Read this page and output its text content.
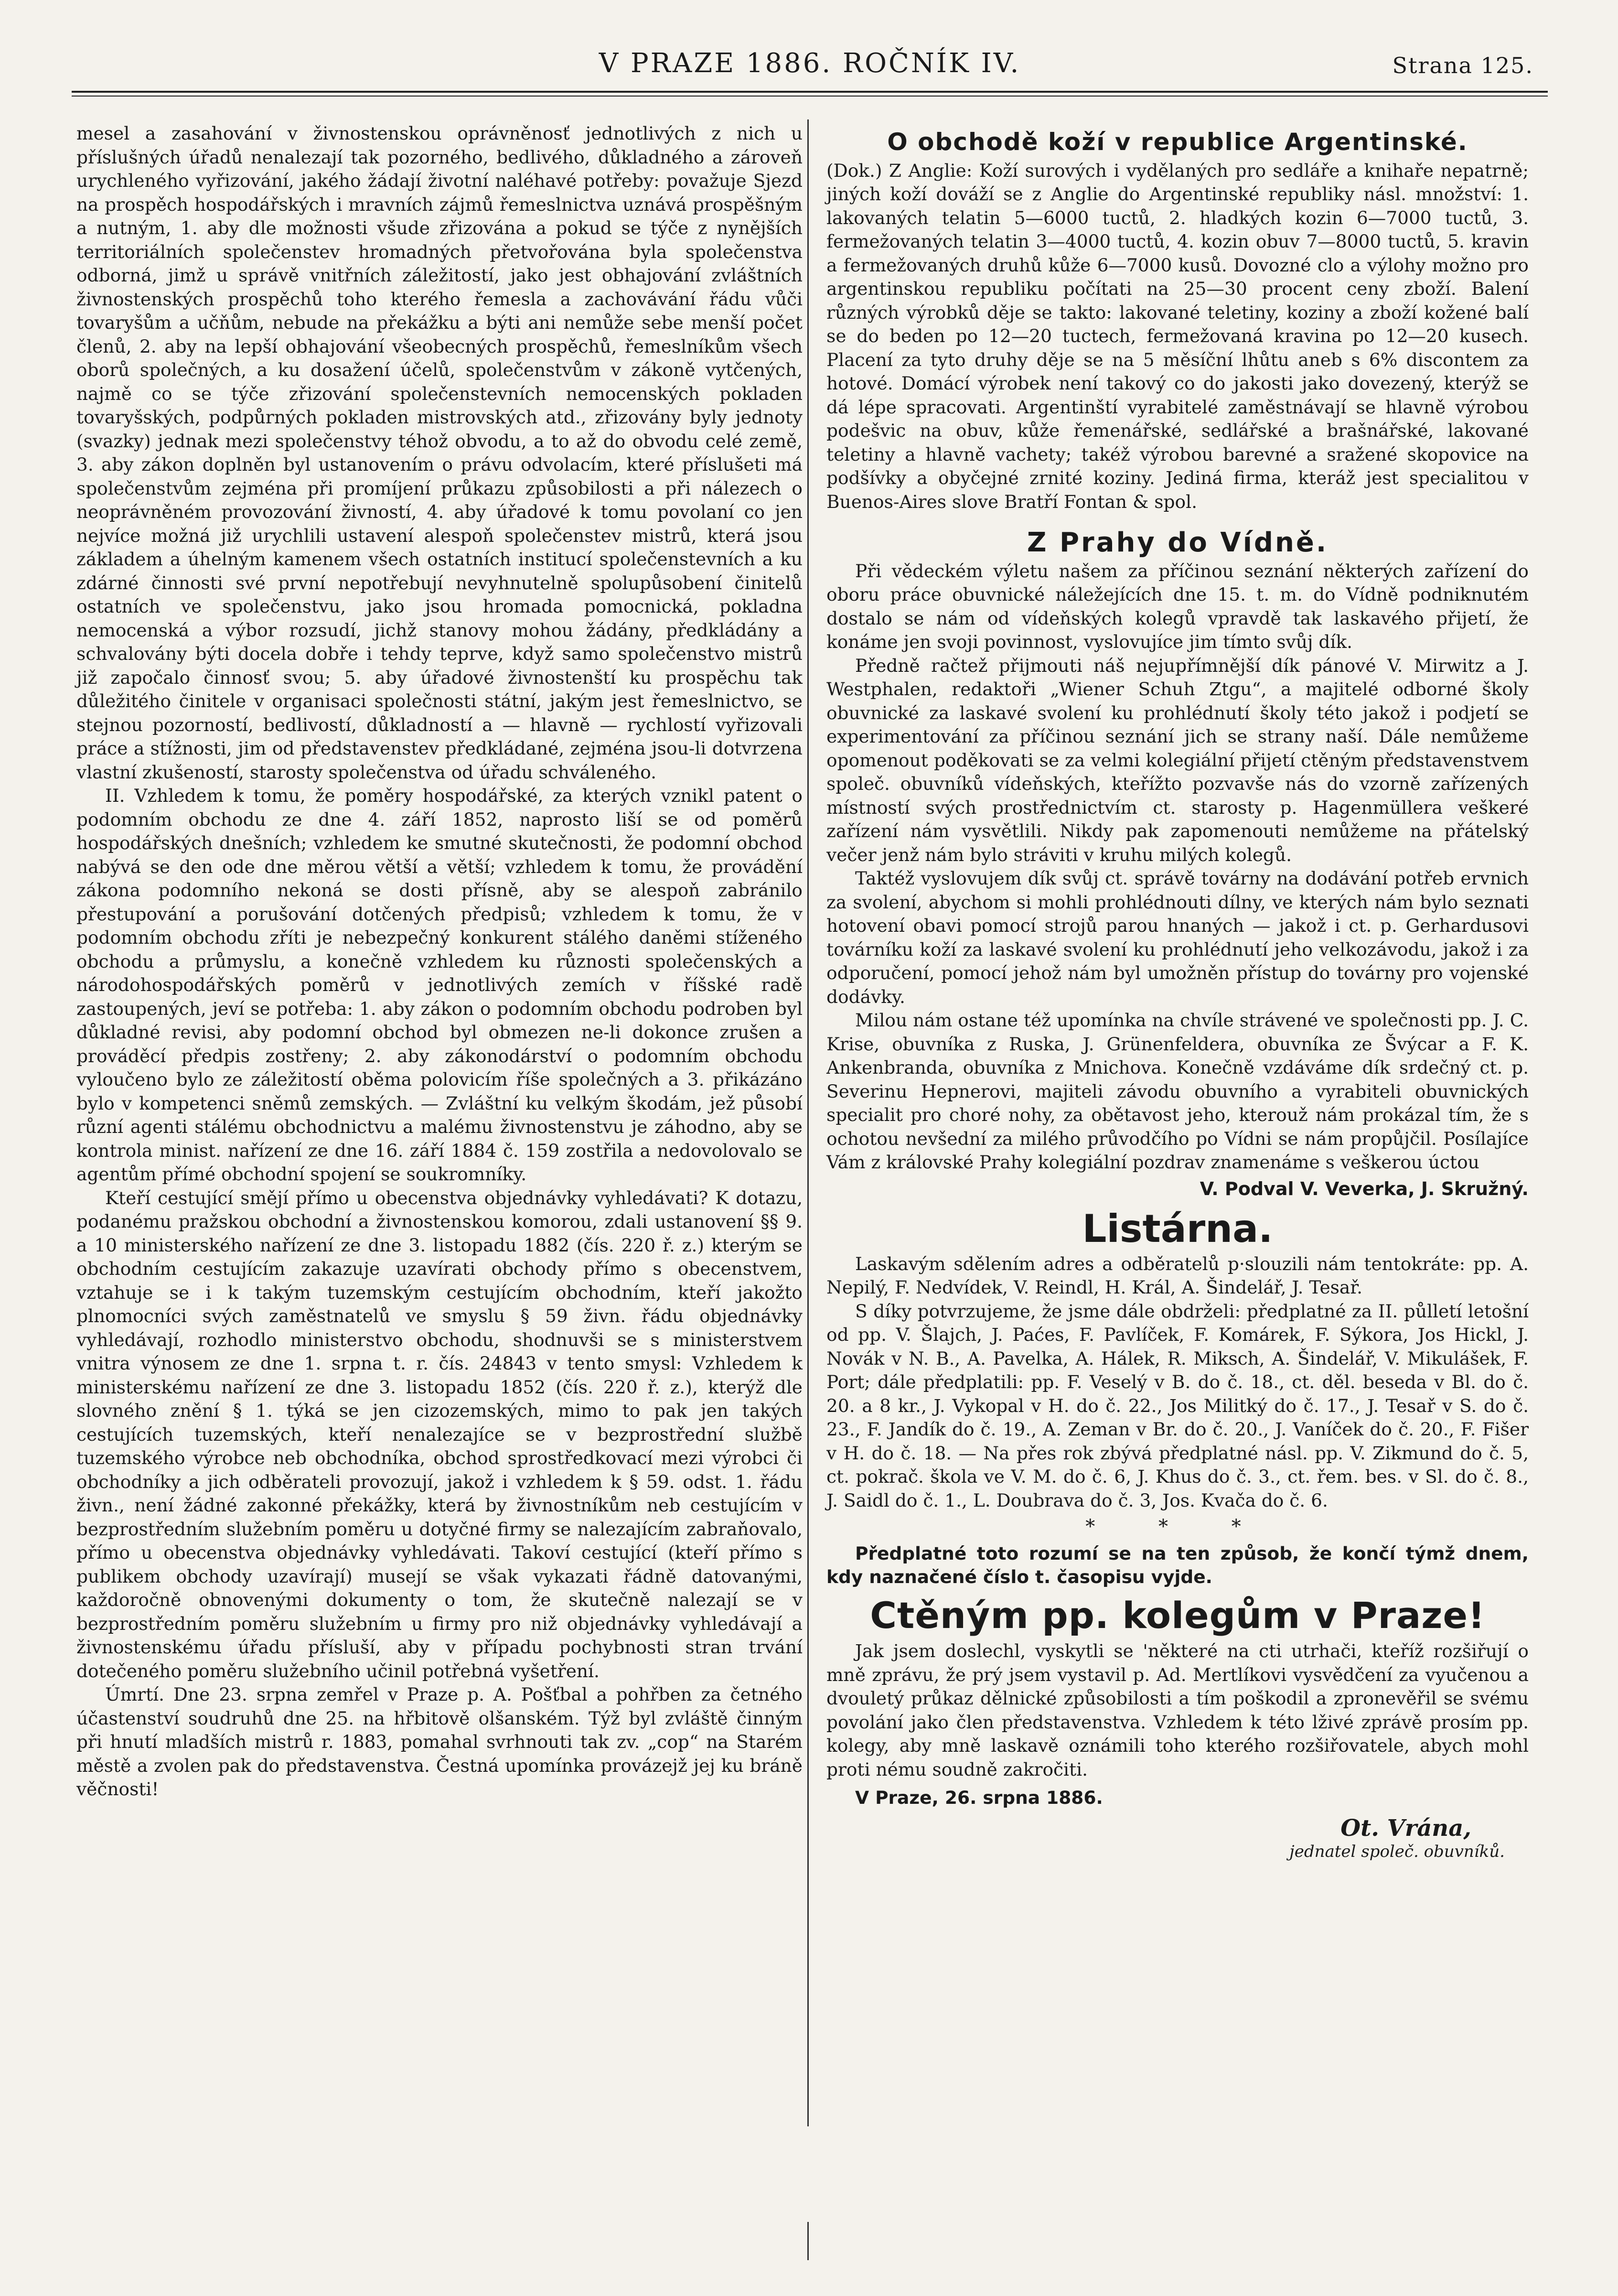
V PRAZE 1886. ROČNÍK IV.	Strana 125.

mesel a zasahování v živnostenskou oprávněnosť jednotlivých z nich u příslušných úřadů nenalezají tak pozorného, bedlivého, důkladného a zároveň urychleného vyřizování, jakého žádají životní naléhavé potřeby: považuje Sjezd na prospěch hospodářských i mravních zájmů řemeslnictva uznává prospěšným a nutným, 1. aby dle možnosti všude zřizována a pokud se týče z nynějších territoriálních společenstev hromadných přetvořována byla společenstva odborná, jimž u správě vnitřních záležitostí, jako jest obhajování zvláštních živnostenských prospěchů toho kterého řemesla a zachovávání řádu vůči tovaryšům a učňům, nebude na překážku a býti ani nemůže sebe menší počet členů, 2. aby na lepší obhajování všeobecných prospěchů, řemeslníkům všech oborů společných, a ku dosažení účelů, společenstvům v zákoně vytčených, najmě co se týče zřizování společenstevních nemocenských pokladen tovaryšských, podpůrných pokladen mistrovských atd., zřizovány byly jednoty (svazky) jednak mezi společenstvy téhož obvodu, a to až do obvodu celé země, 3. aby zákon doplněn byl ustanovením o právu odvolacím, které příslušeti má společenstvům zejména při promíjení průkazu způsobilosti a při nálezech o neoprávněném provozování živností, 4. aby úřadové k tomu povolaní co jen nejvíce možná již urychlili ustavení alespoň společenstev mistrů, která jsou základem a úhelným kamenem všech ostatních institucí společenstevních a ku zdárné činnosti své první nepotřebují nevyhnutelně spolupůsobení činitelů ostatních ve společenstvu, jako jsou hromada pomocnická, pokladna nemocenská a výbor rozsudí, jichž stanovy mohou žádány, předkládány a schvalovány býti docela dobře i tehdy teprve, když samo společenstvo mistrů již započalo činnosť svou; 5. aby úřadové živnostenští ku prospěchu tak důležitého činitele v organisaci společnosti státní, jakým jest řemeslnictvo, se stejnou pozorností, bedlivostí, důkladností a — hlavně — rychlostí vyřizovali práce a stížnosti, jim od představenstev předkládané, zejména jsou-li dotvrzena vlastní zkušeností, starosty společenstva od úřadu schváleného.

II. Vzhledem k tomu, že poměry hospodářské, za kterých vznikl patent o podomním obchodu ze dne 4. září 1852, naprosto liší se od poměrů hospodářských dnešních; vzhledem ke smutné skutečnosti, že podomní obchod nabývá se den ode dne měrou větší a větší; vzhledem k tomu, že provádění zákona podomního nekoná se dosti přísně, aby se alespoň zabránilo přestupování a porušování dotčených předpisů; vzhledem k tomu, že v podomním obchodu zříti je nebezpečný konkurent stálého daněmi stíženého obchodu a průmyslu, a konečně vzhledem ku různosti společenských a národohospodářských poměrů v jednotlivých zemích v říšské radě zastoupených, jeví se potřeba: 1. aby zákon o podomním obchodu podroben byl důkladné revisi, aby podomní obchod byl obmezen ne-li dokonce zrušen a prováděcí předpis zostřeny; 2. aby zákonodárství o podomním obchodu vyloučeno bylo ze záležitostí oběma polovicím říše společných a 3. přikázáno bylo v kompetenci sněmů zemských. — Zvláštní ku velkým škodám, jež působí různí agenti stálému obchodnictvu a malému živnostenstvu je záhodno, aby se kontrola minist. nařízení ze dne 16. září 1884 č. 159 zostřila a nedovolovalo se agentům přímé obchodní spojení se soukromníky.

Kteří cestující smějí přímo u obecenstva objednávky vyhledávati? K dotazu, podanému pražskou obchodní a živnostenskou komorou, zdali ustanovení §§ 9. a 10 ministerského nařízení ze dne 3. listopadu 1882 (čís. 220 ř. z.) kterým se obchodním cestujícím zakazuje uzavírati obchody přímo s obecenstvem, vztahuje se i k takým tuzemským cestujícím obchodním, kteří jakožto plnomocníci svých zaměstnatelů ve smyslu § 59 živn. řádu objednávky vyhledávají, rozhodlo ministerstvo obchodu, shodnuvši se s ministerstvem vnitra výnosem ze dne 1. srpna t. r. čís. 24843 v tento smysl: Vzhledem k ministerskému nařízení ze dne 3. listopadu 1852 (čís. 220 ř. z.), kterýž dle slovného znění § 1. týká se jen cizozemských, mimo to pak jen takých cestujících tuzemských, kteří nenalezajíce se v bezprostřední službě tuzemského výrobce neb obchodníka, obchod sprostředkovací mezi výrobci či obchodníky a jich odběrateli provozují, jakož i vzhledem k § 59. odst. 1. řádu živn., není žádné zakonné překážky, která by živnostníkům neb cestujícím v bezprostředním služebním poměru u dotyčné firmy se nalezajícím zabraňovalo, přímo u obecenstva objednávky vyhledávati. Takoví cestující (kteří přímo s publikem obchody uzavírají) musejí se však vykazati řádně datovanými, každoročně obnovenými dokumenty o tom, že skutečně nalezají se v bezprostředním poměru služebním u firmy pro niž objednávky vyhledávají a živnostenskému úřadu přísluší, aby v případu pochybnosti stran trvání dotečeného poměru služebního učinil potřebná vyšetření.

Úmrtí. Dne 23. srpna zemřel v Praze p. A. Pošťbal a pohřben za četného účastenství soudruhů dne 25. na hřbitově olšanském. Týž byl zvláště činným při hnutí mladších mistrů r. 1883, pomahal svrhnouti tak zv. „cop“ na Starém městě a zvolen pak do představenstva. Čestná upomínka provázejž jej ku bráně věčnosti!

O obchodě koží v republice Argentinské.

(Dok.) Z Anglie: Koží surových i vydělaných pro sedláře a knihaře nepatrně; jiných koží dováží se z Anglie do Argentinské republiky násl. množství: 1. lakovaných telatin 5—6000 tuctů, 2. hladkých kozin 6—7000 tuctů, 3. fermežovaných telatin 3—4000 tuctů, 4. kozin obuv 7—8000 tuctů, 5. kravin a fermežovaných druhů kůže 6—7000 kusů. Dovozné clo a výlohy možno pro argentinskou republiku počítati na 25—30 procent ceny zboží. Balení různých výrobků děje se takto: lakované teletiny, koziny a zboží kožené balí se do beden po 12—20 tuctech, fermežovaná kravina po 12—20 kusech. Placení za tyto druhy děje se na 5 měsíční lhůtu aneb s 6% discontem za hotové. Domácí výrobek není takový co do jakosti jako dovezený, kterýž se dá lépe spracovati. Argentinští vyrabitelé zaměstnávají se hlavně výrobou podešvic na obuv, kůže řemenářské, sedlářské a brašnářské, lakované teletiny a hlavně vachety; takéž výrobou barevné a sražené skopovice na podšívky a obyčejné zrnité koziny. Jediná firma, kteráž jest specialitou v Buenos-Aires slove Bratří Fontan & spol.

Z Prahy do Vídně.

Při vědeckém výletu našem za příčinou seznání některých zařízení do oboru práce obuvnické náležejících dne 15. t. m. do Vídně podniknutém dostalo se nám od vídeňských kolegů vpravdě tak laskavého přijetí, že konáme jen svoji povinnost, vyslovujíce jim tímto svůj dík.

Předně račtež přijmouti náš nejupřímnější dík pánové V. Mirwitz a J. Westphalen, redaktoři „Wiener Schuh Ztgu“, a majitelé odborné školy obuvnické za laskavé svolení ku prohlédnutí školy této jakož i podjetí se experimentování za příčinou seznání jich se strany naší. Dále nemůžeme opomenout poděkovati se za velmi kolegiální přijetí ctěným představenstvem společ. obuvníků vídeňských, kteřížto pozvavše nás do vzorně zařízených místností svých prostřednictvím ct. starosty p. Hagenmüllera veškeré zařízení nám vysvětlili. Nikdy pak zapomenouti nemůžeme na přátelský večer jenž nám bylo stráviti v kruhu milých kolegů.

Taktéž vyslovujem dík svůj ct. správě továrny na dodávání potřeb ervnich za svolení, abychom si mohli prohlédnouti dílny, ve kterých nám bylo seznati hotovení obavi pomocí strojů parou hnaných — jakož i ct. p. Gerhardusovi továrníku koží za laskavé svolení ku prohlédnutí jeho velkozávodu, jakož i za odporučení, pomocí jehož nám byl umožněn přístup do továrny pro vojenské dodávky.

Milou nám ostane též upomínka na chvíle strávené ve společnosti pp. J. C. Krise, obuvníka z Ruska, J. Grünenfeldera, obuvníka ze Švýcar a F. K. Ankenbranda, obuvníka z Mnichova. Konečně vzdáváme dík srdečný ct. p. Severinu Hepnerovi, majiteli závodu obuvního a vyrabiteli obuvnických specialit pro choré nohy, za obětavost jeho, kterouž nám prokázal tím, že s ochotou nevšední za milého průvodčího po Vídni se nám propůjčil. Posílajíce Vám z královské Prahy kolegiální pozdrav znamenáme s veškerou úctou

V. Podval V. Veverka, J. Skružný.
Listárna.

Laskavým sdělením adres a odběratelů p·slouzili nám tentokráte: pp. A. Nepilý, F. Nedvídek, V. Reindl, H. Král, A. Šindelář, J. Tesař.

S díky potvrzujeme, že jsme dále obdrželi: předplatné za II. půlletí letošní od pp. V. Šlajch, J. Paćes, F. Pavlíček, F. Komárek, F. Sýkora, Jos Hickl, J. Novák v N. B., A. Pavelka, A. Hálek, R. Miksch, A. Šindelář, V. Mikulášek, F. Port; dále předplatili: pp. F. Veselý v B. do č. 18., ct. děl. beseda v Bl. do č. 20. a 8 kr., J. Vykopal v H. do č. 22., Jos Militký do č. 17., J. Tesař v S. do č. 23., F. Jandík do č. 19., A. Zeman v Br. do č. 20., J. Vaníček do č. 20., F. Fišer v H. do č. 18. — Na přes rok zbývá předplatné násl. pp. V. Zikmund do č. 5, ct. pokrač. škola ve V. M. do č. 6, J. Khus do č. 3., ct. řem. bes. v Sl. do č. 8., J. Saidl do č. 1., L. Doubrava do č. 3, Jos. Kvača do č. 6.

* * *

Předplatné toto rozumí se na ten způsob, že končí týmž dnem, kdy naznačené číslo t. časopisu vyjde.

Ctěným pp. kolegům v Praze!

Jak jsem doslechl, vyskytli se 'některé na cti utrhači, kteříž rozšiřují o mně zprávu, že prý jsem vystavil p. Ad. Mertlíkovi vysvědčení za vyučenou a dvouletý průkaz dělnické způsobilosti a tím poškodil a zpronevěřil se svému povolání jako člen představenstva. Vzhledem k této lživé zprávě prosím pp. kolegy, aby mně laskavě oznámili toho kterého rozšiřovatele, abych mohl proti nému soudně zakročiti.

V Praze, 26. srpna 1886.
Ot. Vrána,
jednatel společ. obuvníků.
